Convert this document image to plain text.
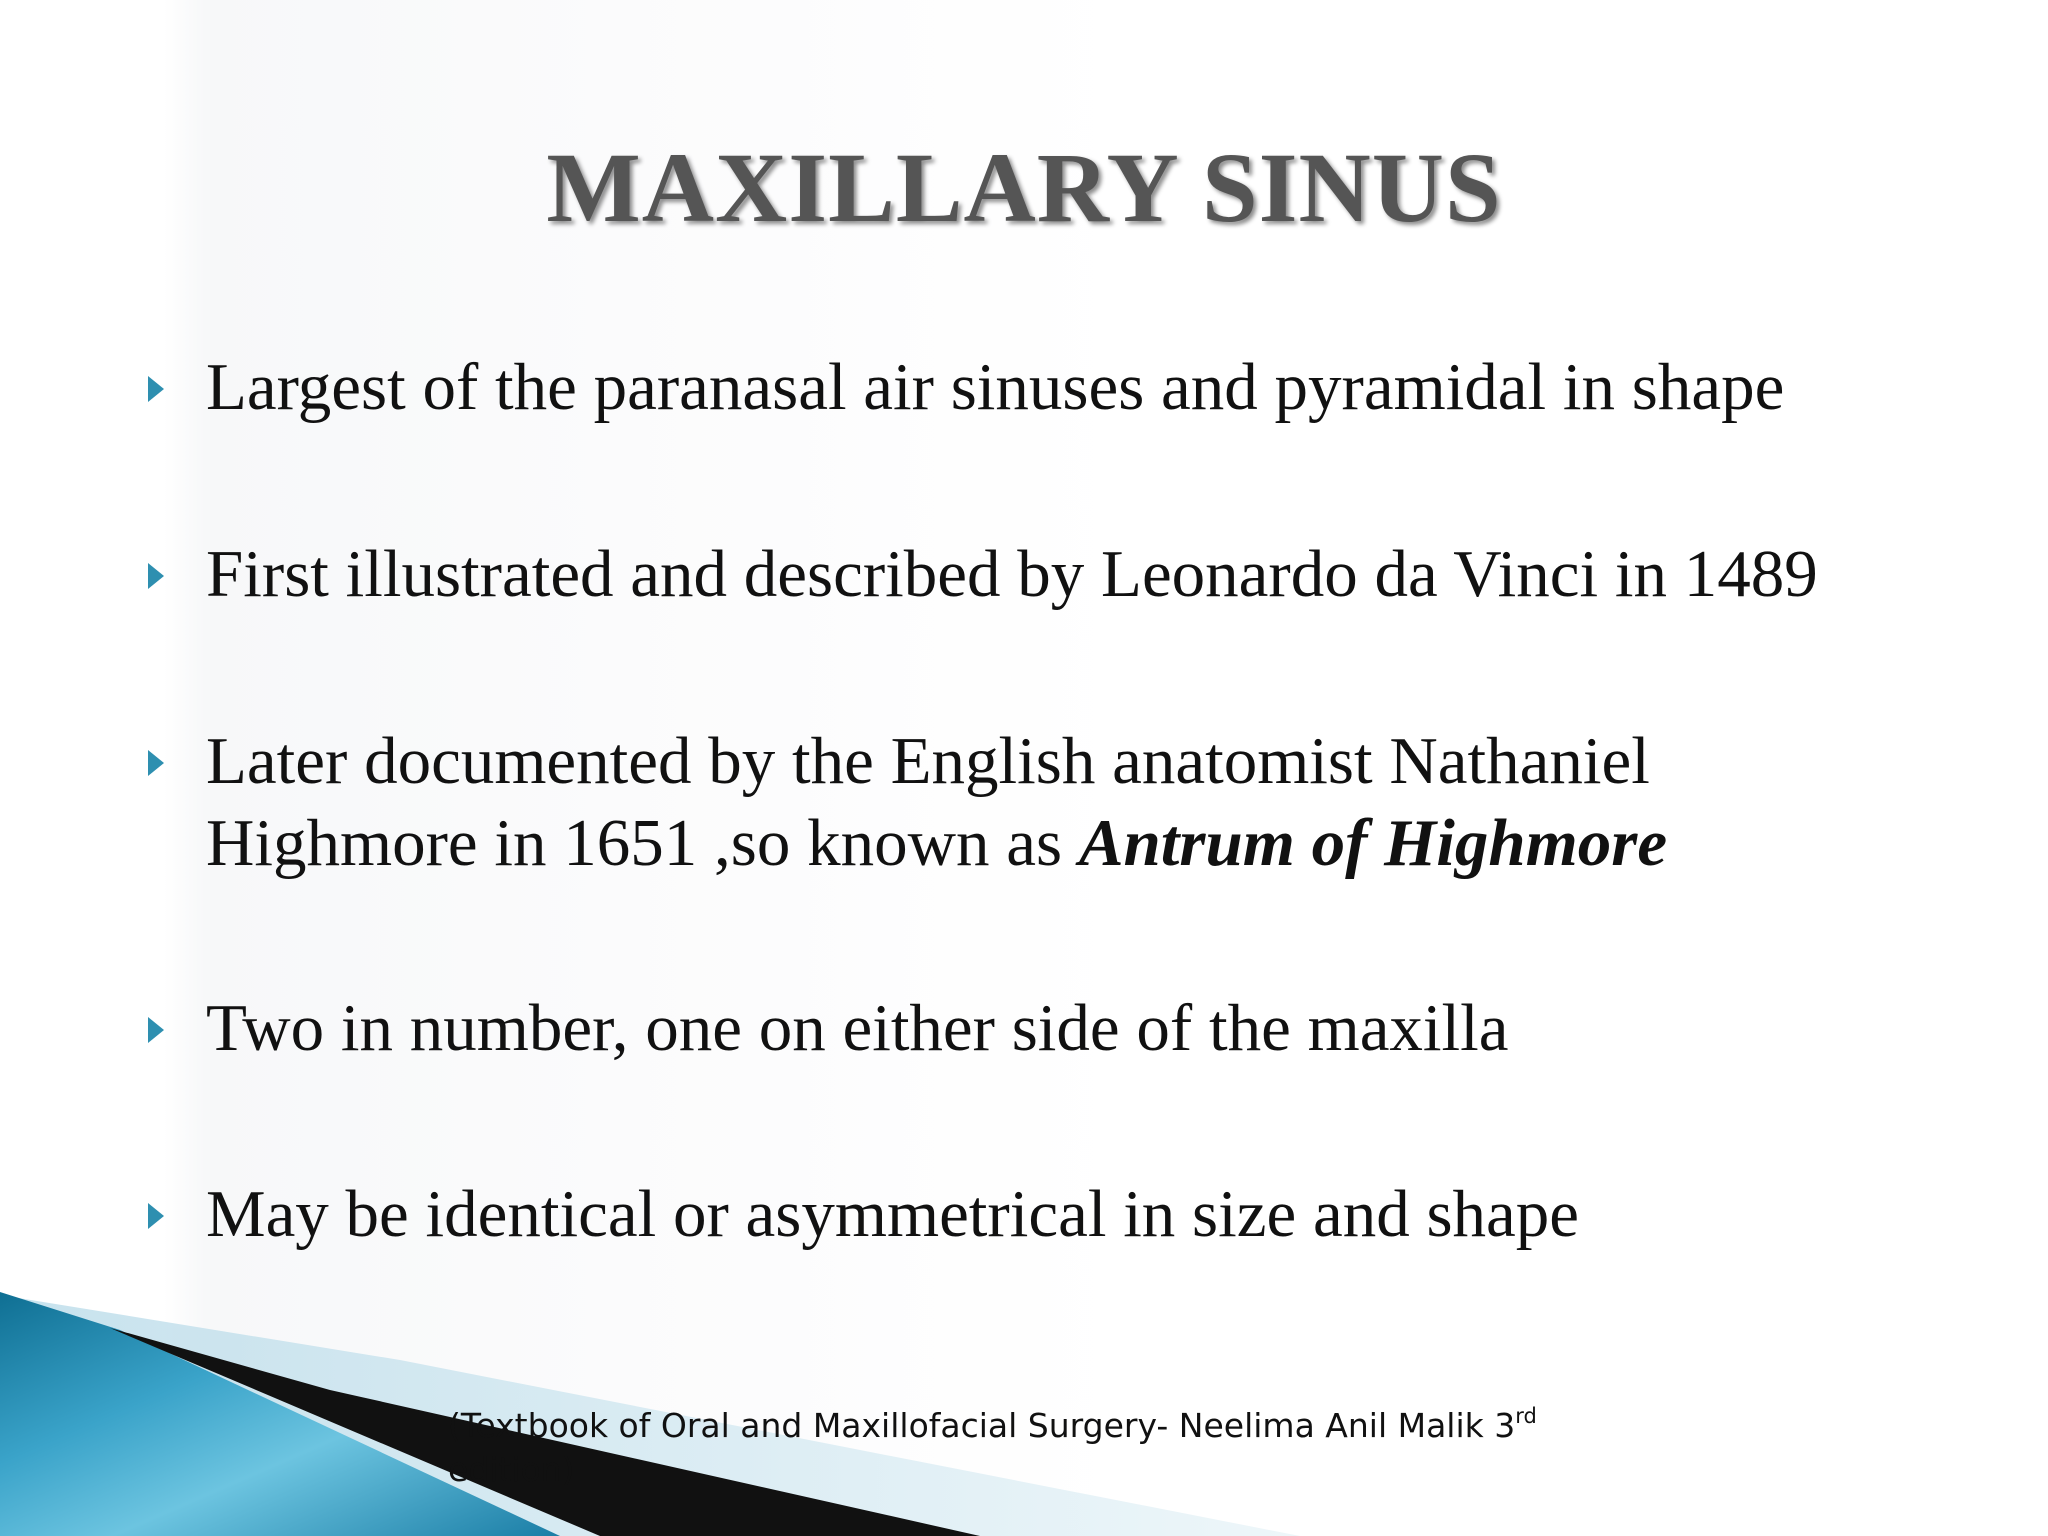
MAXILLARY SINUS
Largest of the paranasal air sinuses and pyramidal in shape
First illustrated and described by Leonardo da Vinci in 1489
Later documented by the English anatomist Nathaniel
Highmore in 1651 ,so known as Antrum of Highmore
Two in number, one on either side of the maxilla
May be identical or asymmetrical in size and shape
(Textbook of Oral and Maxillofacial Surgery- Neelima Anil Malik 3rd
edition)
